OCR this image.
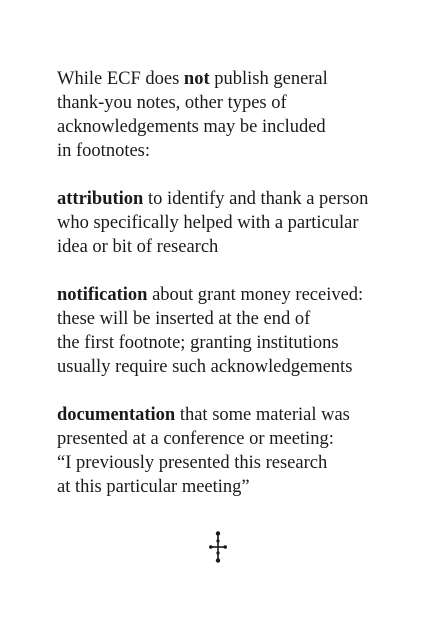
While ECF does not publish general
thank-you notes, other types of
acknowledgements may be included
in footnotes:

attribution to identify and thank a person
who specifically helped with a particular
idea or bit of research

notification about grant money received:
these will be inserted at the end of
the first footnote; granting institutions
usually require such acknowledgements

documentation that some material was
presented at a conference or meeting:
“I previously presented this research
at this particular meeting”
